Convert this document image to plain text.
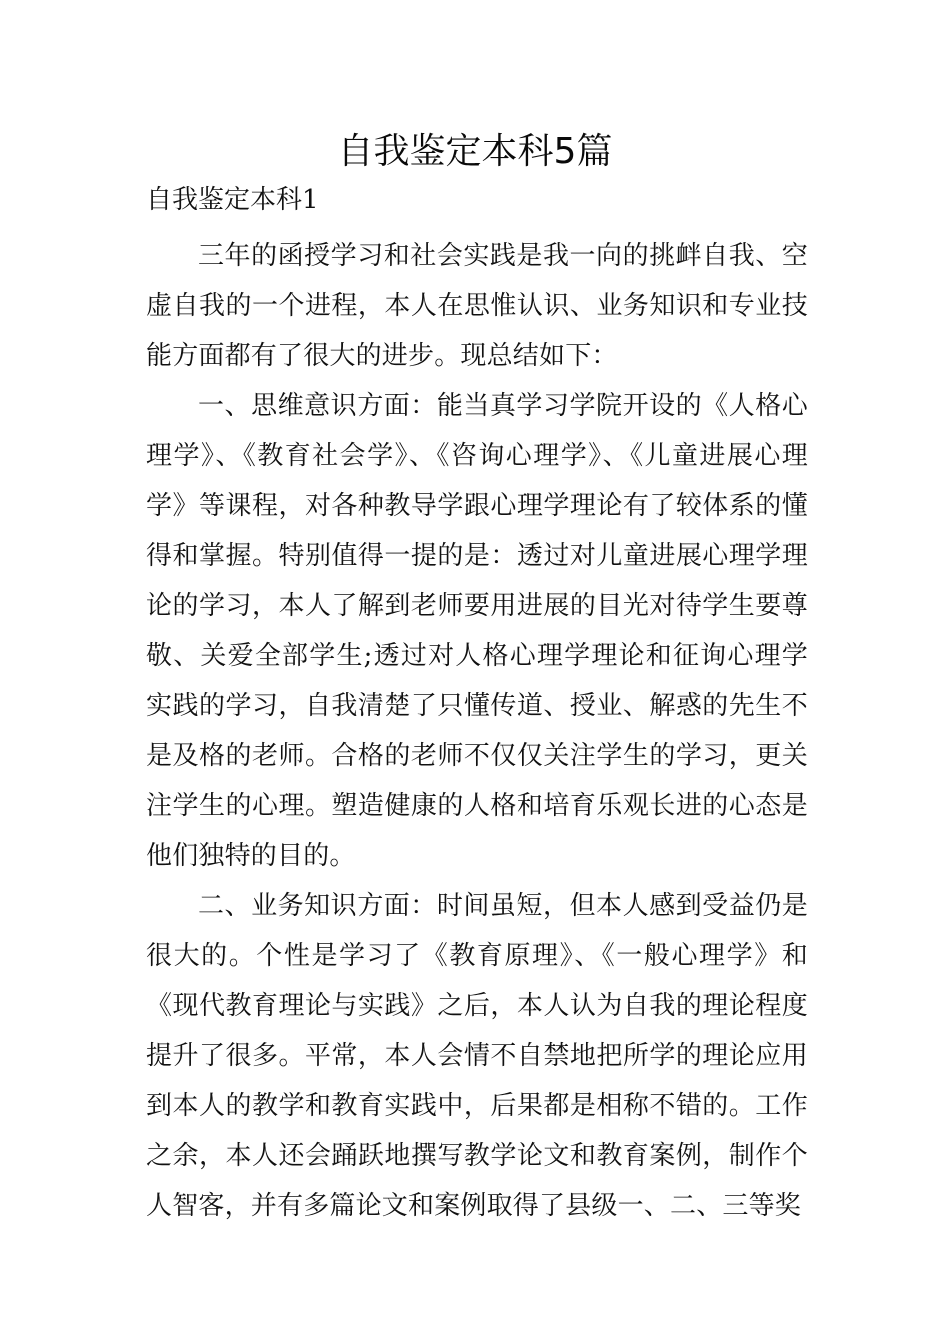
自我鉴定本科5篇
自我鉴定本科1

三年的函授学习和社会实践是我一向的挑衅自我、空虚自我的一个进程，本人在思惟认识、业务知识和专业技能方面都有了很大的进步。现总结如下：

一、思维意识方面：能当真学习学院开设的《人格心理学》、《教育社会学》、《咨询心理学》、《儿童进展心理学》等课程，对各种教导学跟心理学理论有了较体系的懂得和掌握。特别值得一提的是：透过对儿童进展心理学理论的学习，本人了解到老师要用进展的目光对待学生要尊敬、关爱全部学生;透过对人格心理学理论和征询心理学实践的学习，自我清楚了只懂传道、授业、解惑的先生不是及格的老师。合格的老师不仅仅关注学生的学习，更关注学生的心理。塑造健康的人格和培育乐观长进的心态是他们独特的目的。

二、业务知识方面：时间虽短，但本人感到受益仍是很大的。个性是学习了《教育原理》、《一般心理学》和《现代教育理论与实践》之后，本人认为自我的理论程度提升了很多。平常，本人会情不自禁地把所学的理论应用到本人的教学和教育实践中，后果都是相称不错的。工作之余，本人还会踊跃地撰写教学论文和教育案例，制作个人智客，并有多篇论文和案例取得了县级一、二、三等奖
